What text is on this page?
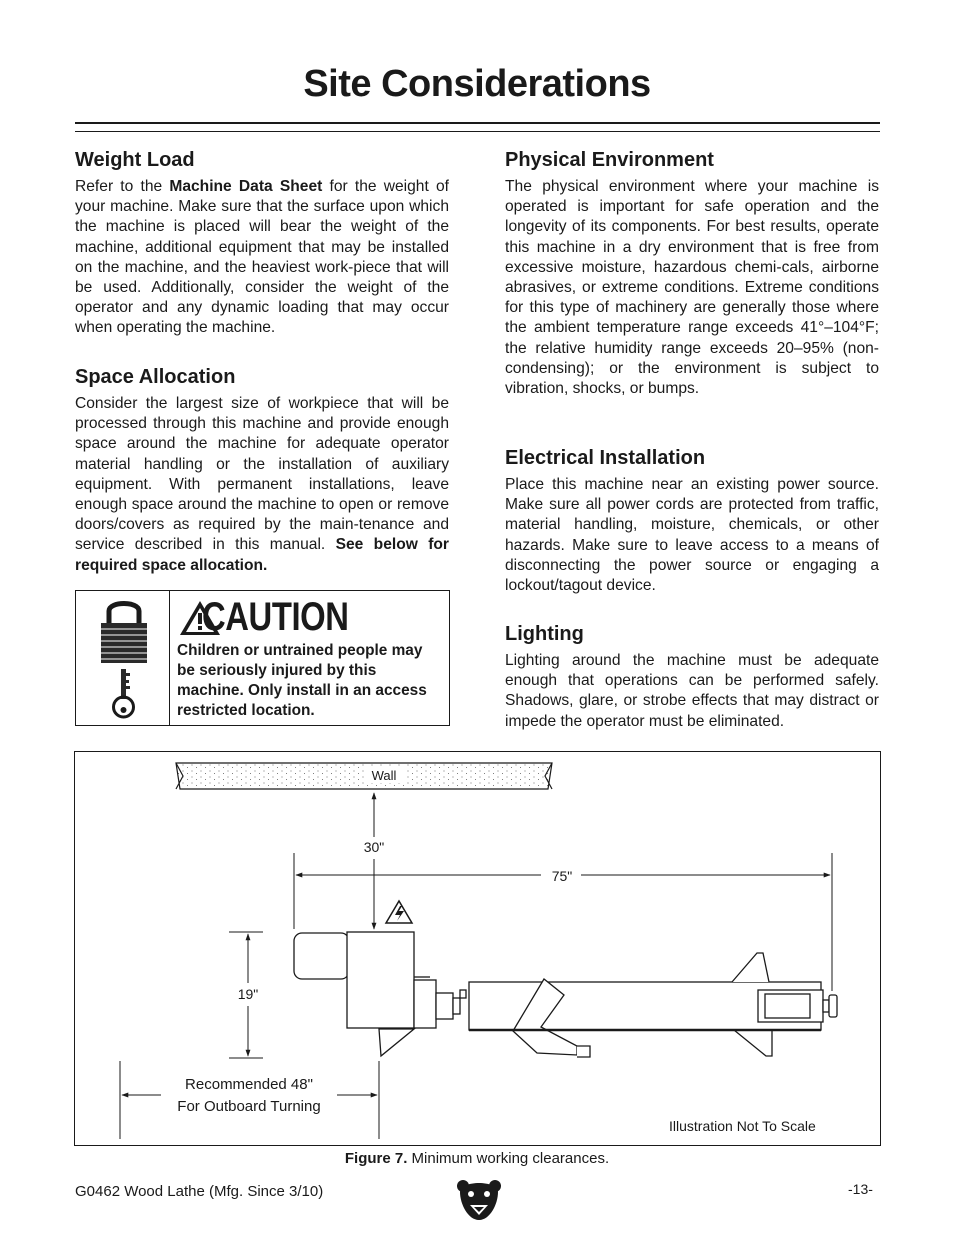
Site Considerations
Weight Load

Refer to the Machine Data Sheet for the weight of your machine. Make sure that the surface upon which the machine is placed will bear the weight of the machine, additional equipment that may be installed on the machine, and the heaviest work-piece that will be used. Additionally, consider the weight of the operator and any dynamic loading that may occur when operating the machine.

Space Allocation

Consider the largest size of workpiece that will be processed through this machine and provide enough space around the machine for adequate operator material handling or the installation of auxiliary equipment. With permanent installations, leave enough space around the machine to open or remove doors/covers as required by the main-tenance and service described in this manual. See below for required space allocation.

CAUTION
Children or untrained people may be seriously injured by this machine. Only install in an access restricted location.
Physical Environment

The physical environment where your machine is operated is important for safe operation and the longevity of its components. For best results, operate this machine in a dry environment that is free from excessive moisture, hazardous chemi-cals, airborne abrasives, or extreme conditions. Extreme conditions for this type of machinery are generally those where the ambient temperature range exceeds 41°–104°F; the relative humidity range exceeds 20–95% (non-condensing); or the environment is subject to vibration, shocks, or bumps.

Electrical Installation

Place this machine near an existing power source. Make sure all power cords are protected from traffic, material handling, moisture, chemicals, or other hazards. Make sure to leave access to a means of disconnecting the power source or engaging a lockout/tagout device.

Lighting

Lighting around the machine must be adequate enough that operations can be performed safely. Shadows, glare, or strobe effects that may distract or impede the operator must be eliminated.

Wall
30"
75"
19"
Recommended 48"
For Outboard Turning
Illustration Not To Scale
Figure 7. Minimum working clearances.
G0462 Wood Lathe (Mfg. Since 3/10)	-13-
